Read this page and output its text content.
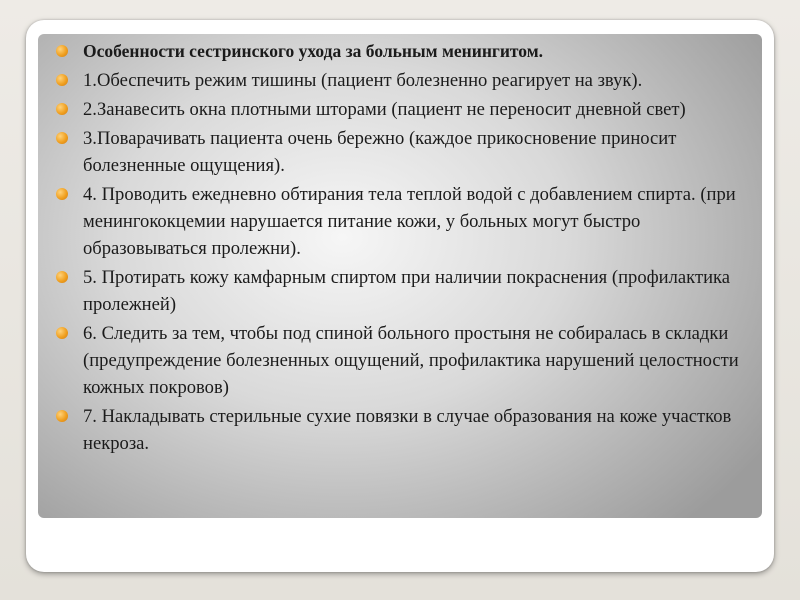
Особенности сестринского ухода за больным менингитом.
1.Обеспечить режим тишины (пациент болезненно реагирует на звук).
2.Занавесить окна плотными шторами (пациент не переносит дневной свет)
3.Поварачивать пациента очень бережно (каждое прикосновение приносит болезненные ощущения).
4. Проводить ежедневно обтирания тела теплой водой с добавлением спирта. (при менингококцемии нарушается питание кожи, у больных могут быстро образовываться пролежни).
5. Протирать кожу камфарным спиртом при наличии покраснения (профилактика пролежней)
6. Следить за тем, чтобы под спиной больного простыня не собиралась в складки (предупреждение болезненных ощущений, профилактика нарушений целостности кожных покровов)
7. Накладывать стерильные сухие повязки в случае образования на коже участков некроза.
